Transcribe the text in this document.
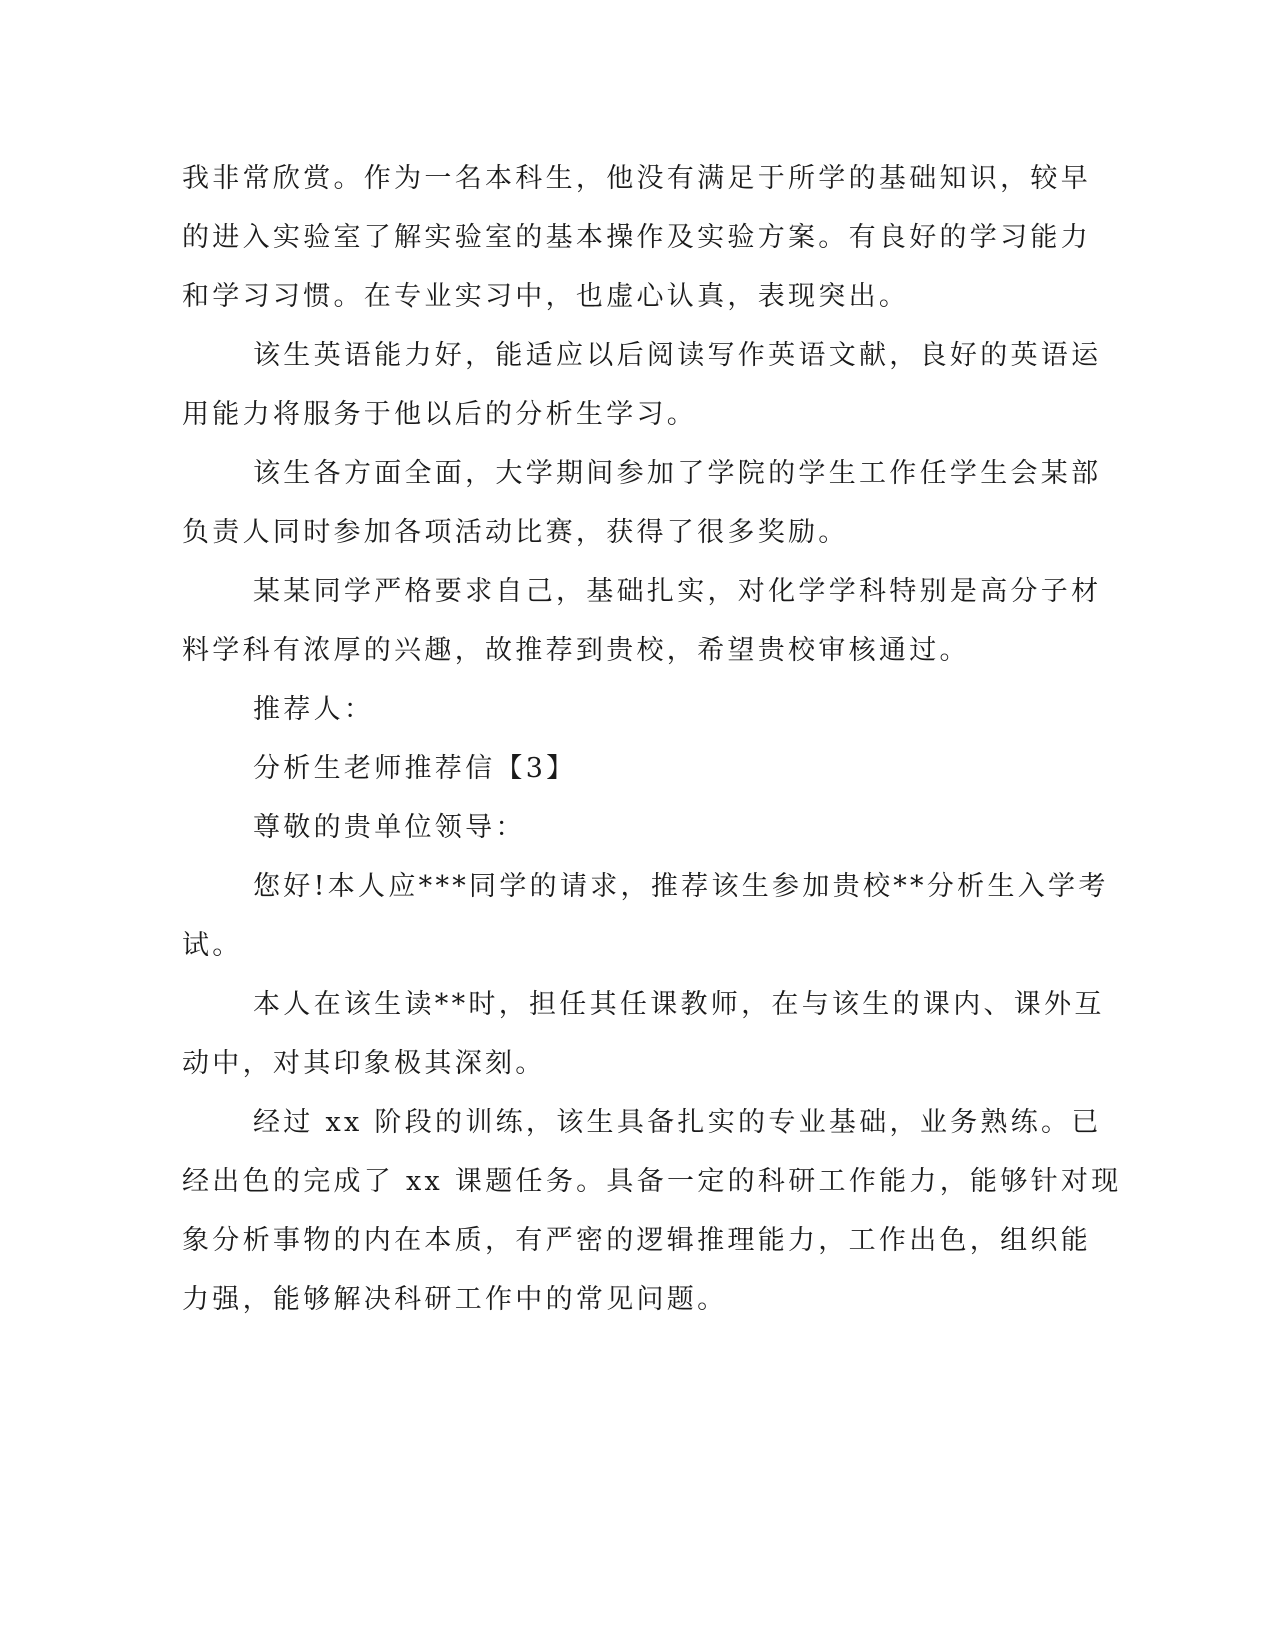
我非常欣赏。作为一名本科生，他没有满足于所学的基础知识，较早
的进入实验室了解实验室的基本操作及实验方案。有良好的学习能力
和学习习惯。在专业实习中，也虚心认真，表现突出。
该生英语能力好，能适应以后阅读写作英语文献，良好的英语运
用能力将服务于他以后的分析生学习。
该生各方面全面，大学期间参加了学院的学生工作任学生会某部
负责人同时参加各项活动比赛，获得了很多奖励。
某某同学严格要求自己，基础扎实，对化学学科特别是高分子材
料学科有浓厚的兴趣，故推荐到贵校，希望贵校审核通过。
推荐人：
分析生老师推荐信【3】
尊敬的贵单位领导：
您好!本人应***同学的请求，推荐该生参加贵校**分析生入学考
试。
本人在该生读**时，担任其任课教师，在与该生的课内、课外互
动中，对其印象极其深刻。
经过 xx 阶段的训练，该生具备扎实的专业基础，业务熟练。已
经出色的完成了 xx 课题任务。具备一定的科研工作能力，能够针对现
象分析事物的内在本质，有严密的逻辑推理能力，工作出色，组织能
力强，能够解决科研工作中的常见问题。
